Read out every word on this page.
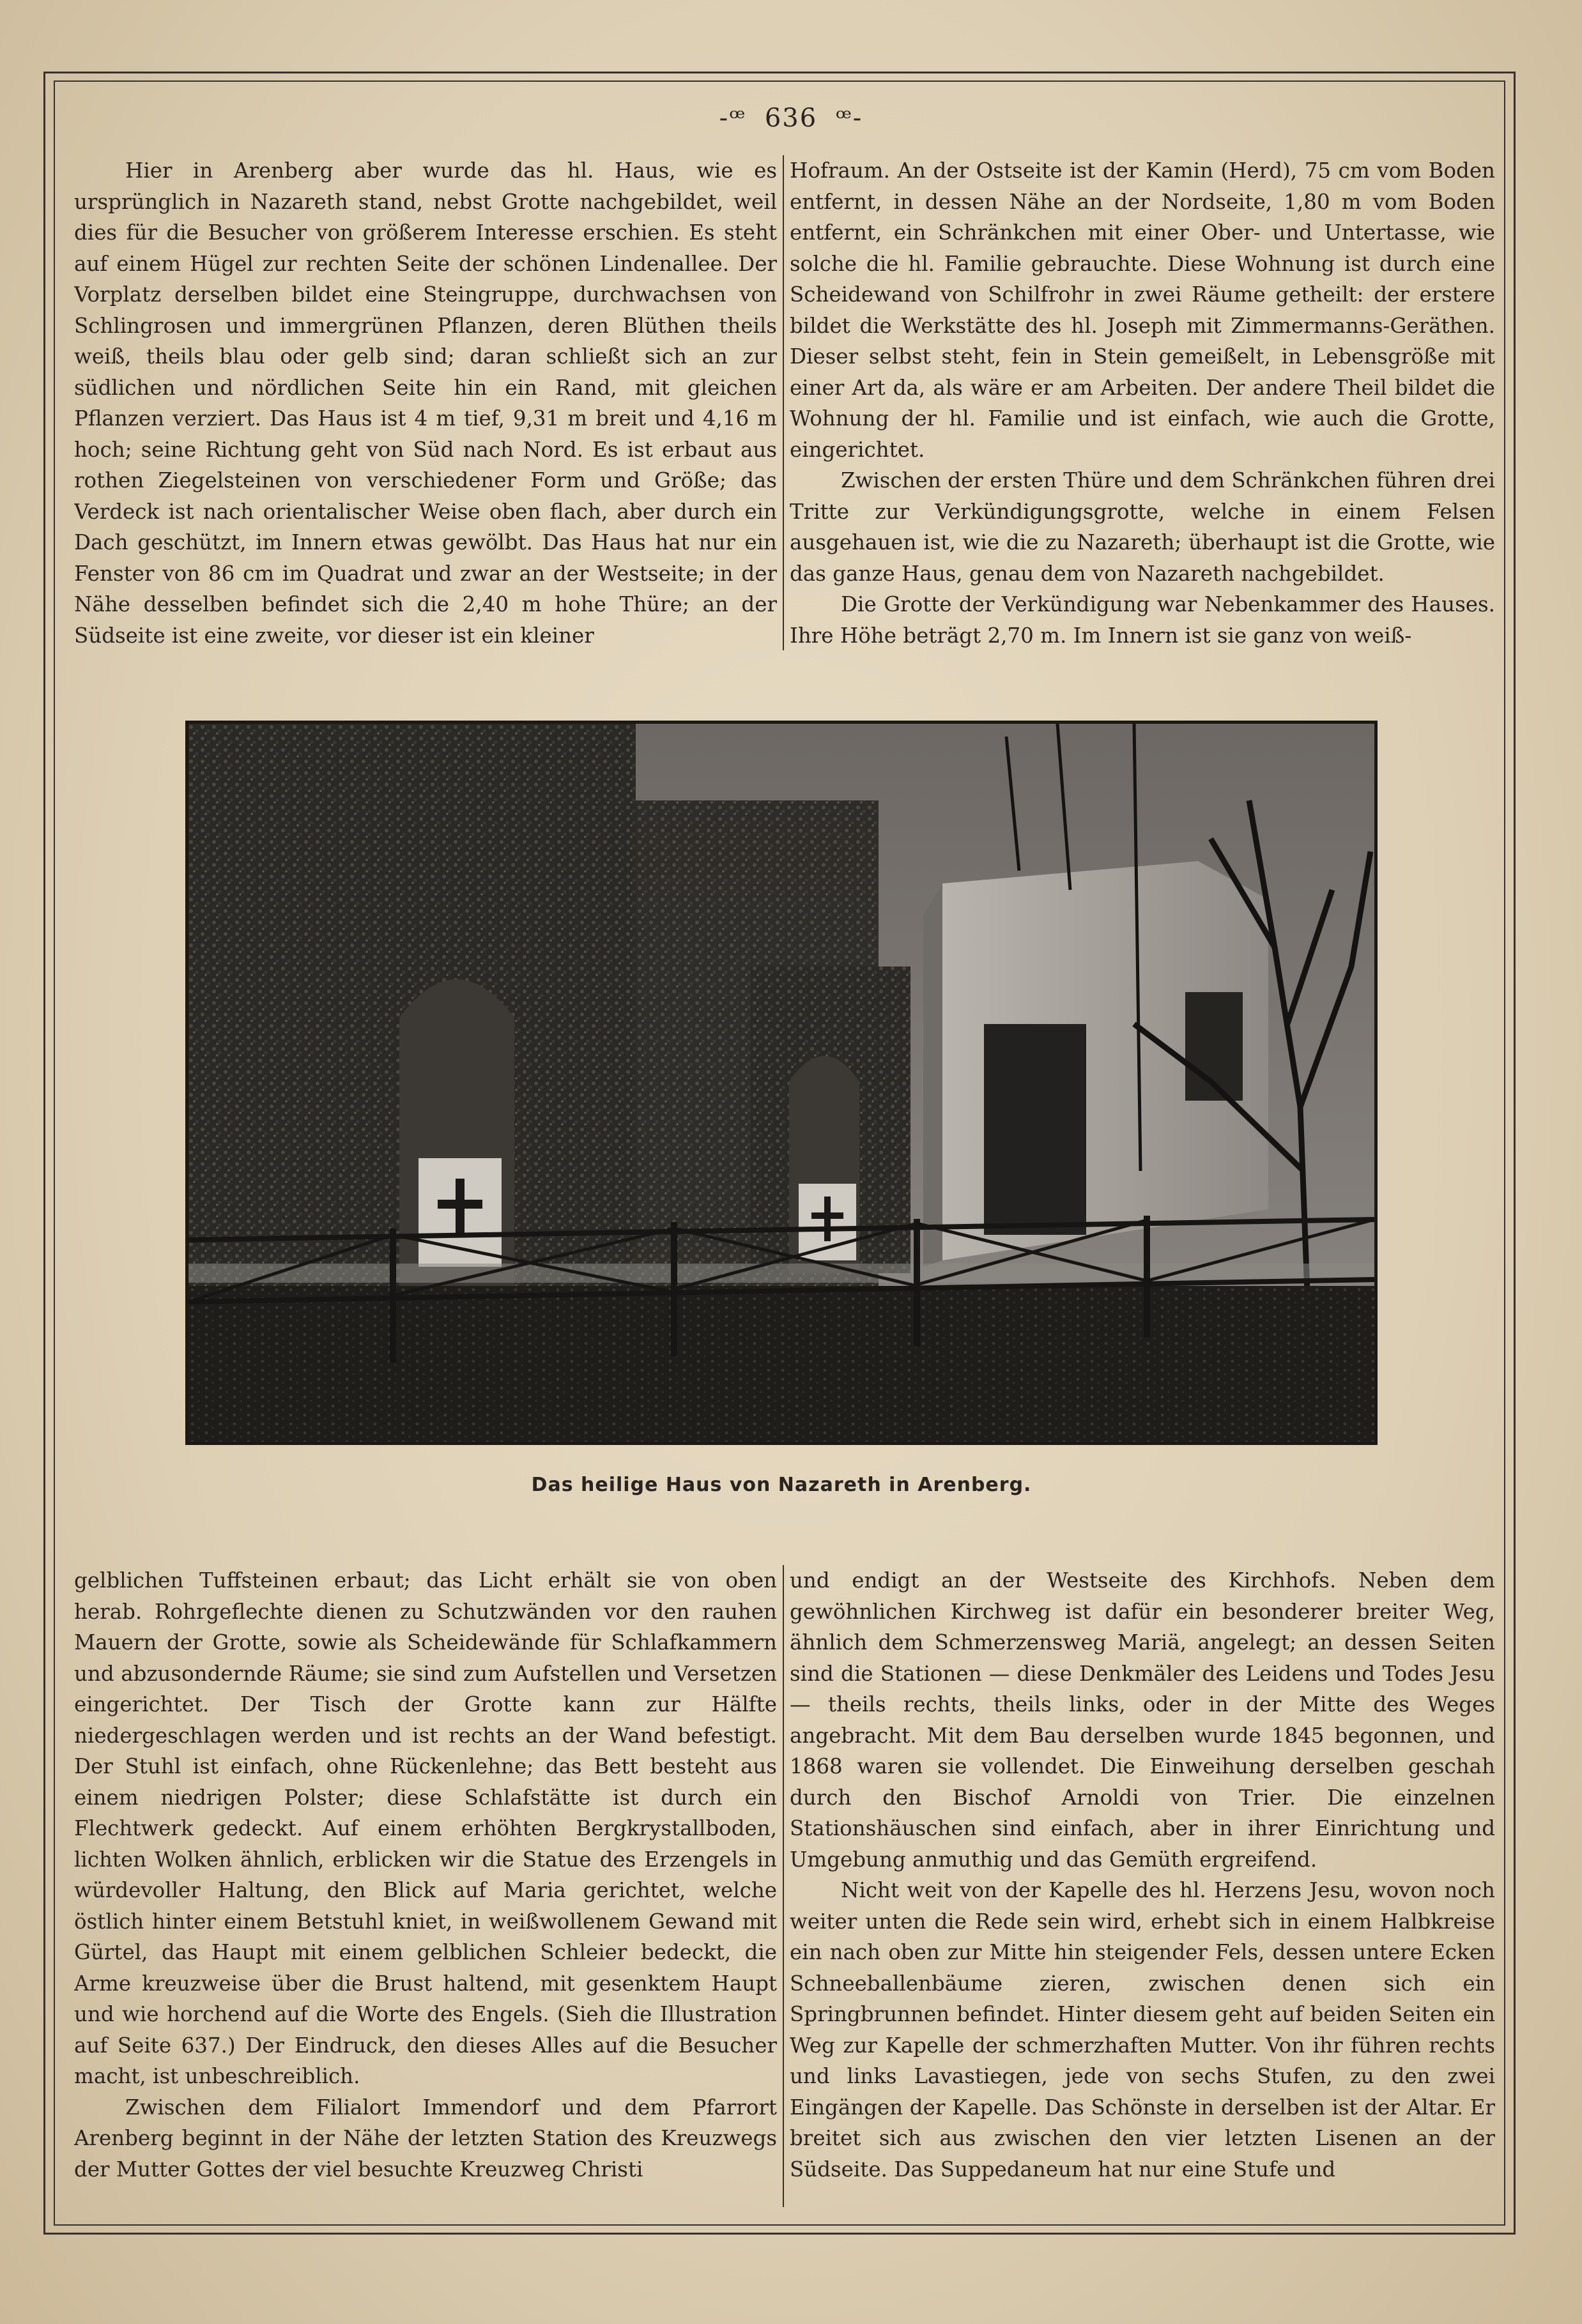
-ꟹ 636 ꟹ-

Hier in Arenberg aber wurde das hl. Haus, wie es ursprünglich in Nazareth stand, nebst Grotte nachgebildet, weil dies für die Besucher von größerem Interesse erschien. Es steht auf einem Hügel zur rechten Seite der schönen Lindenallee. Der Vorplatz derselben bildet eine Steingruppe, durchwachsen von Schlingrosen und immergrünen Pflanzen, deren Blüthen theils weiß, theils blau oder gelb sind; daran schließt sich an zur südlichen und nördlichen Seite hin ein Rand, mit gleichen Pflanzen verziert. Das Haus ist 4 m tief, 9,31 m breit und 4,16 m hoch; seine Richtung geht von Süd nach Nord. Es ist erbaut aus rothen Ziegelsteinen von verschiedener Form und Größe; das Verdeck ist nach orientalischer Weise oben flach, aber durch ein Dach geschützt, im Innern etwas gewölbt. Das Haus hat nur ein Fenster von 86 cm im Quadrat und zwar an der Westseite; in der Nähe desselben befindet sich die 2,40 m hohe Thüre; an der Südseite ist eine zweite, vor dieser ist ein kleiner

Hofraum. An der Ostseite ist der Kamin (Herd), 75 cm vom Boden entfernt, in dessen Nähe an der Nordseite, 1,80 m vom Boden entfernt, ein Schränkchen mit einer Ober- und Untertasse, wie solche die hl. Familie gebrauchte. Diese Wohnung ist durch eine Scheidewand von Schilfrohr in zwei Räume getheilt: der erstere bildet die Werkstätte des hl. Joseph mit Zimmermanns-Geräthen. Dieser selbst steht, fein in Stein gemeißelt, in Lebensgröße mit einer Art da, als wäre er am Arbeiten. Der andere Theil bildet die Wohnung der hl. Familie und ist einfach, wie auch die Grotte, eingerichtet.

Zwischen der ersten Thüre und dem Schränkchen führen drei Tritte zur Verkündigungsgrotte, welche in einem Felsen ausgehauen ist, wie die zu Nazareth; überhaupt ist die Grotte, wie das ganze Haus, genau dem von Nazareth nachgebildet.

Die Grotte der Verkündigung war Nebenkammer des Hauses. Ihre Höhe beträgt 2,70 m. Im Innern ist sie ganz von weiß-

Das heilige Haus von Nazareth in Arenberg.

gelblichen Tuffsteinen erbaut; das Licht erhält sie von oben herab. Rohrgeflechte dienen zu Schutzwänden vor den rauhen Mauern der Grotte, sowie als Scheidewände für Schlafkammern und abzusondernde Räume; sie sind zum Aufstellen und Versetzen eingerichtet. Der Tisch der Grotte kann zur Hälfte niedergeschlagen werden und ist rechts an der Wand befestigt. Der Stuhl ist einfach, ohne Rückenlehne; das Bett besteht aus einem niedrigen Polster; diese Schlafstätte ist durch ein Flechtwerk gedeckt. Auf einem erhöhten Bergkrystallboden, lichten Wolken ähnlich, erblicken wir die Statue des Erzengels in würdevoller Haltung, den Blick auf Maria gerichtet, welche östlich hinter einem Betstuhl kniet, in weißwollenem Gewand mit Gürtel, das Haupt mit einem gelblichen Schleier bedeckt, die Arme kreuzweise über die Brust haltend, mit gesenktem Haupt und wie horchend auf die Worte des Engels. (Sieh die Illustration auf Seite 637.) Der Eindruck, den dieses Alles auf die Besucher macht, ist unbeschreiblich.

Zwischen dem Filialort Immendorf und dem Pfarrort Arenberg beginnt in der Nähe der letzten Station des Kreuzwegs der Mutter Gottes der viel besuchte Kreuzweg Christi

und endigt an der Westseite des Kirchhofs. Neben dem gewöhnlichen Kirchweg ist dafür ein besonderer breiter Weg, ähnlich dem Schmerzensweg Mariä, angelegt; an dessen Seiten sind die Stationen — diese Denkmäler des Leidens und Todes Jesu — theils rechts, theils links, oder in der Mitte des Weges angebracht. Mit dem Bau derselben wurde 1845 begonnen, und 1868 waren sie vollendet. Die Einweihung derselben geschah durch den Bischof Arnoldi von Trier. Die einzelnen Stationshäuschen sind einfach, aber in ihrer Einrichtung und Umgebung anmuthig und das Gemüth ergreifend.

Nicht weit von der Kapelle des hl. Herzens Jesu, wovon noch weiter unten die Rede sein wird, erhebt sich in einem Halbkreise ein nach oben zur Mitte hin steigender Fels, dessen untere Ecken Schneeballenbäume zieren, zwischen denen sich ein Springbrunnen befindet. Hinter diesem geht auf beiden Seiten ein Weg zur Kapelle der schmerzhaften Mutter. Von ihr führen rechts und links Lavastiegen, jede von sechs Stufen, zu den zwei Eingängen der Kapelle. Das Schönste in derselben ist der Altar. Er breitet sich aus zwischen den vier letzten Lisenen an der Südseite. Das Suppedaneum hat nur eine Stufe und
